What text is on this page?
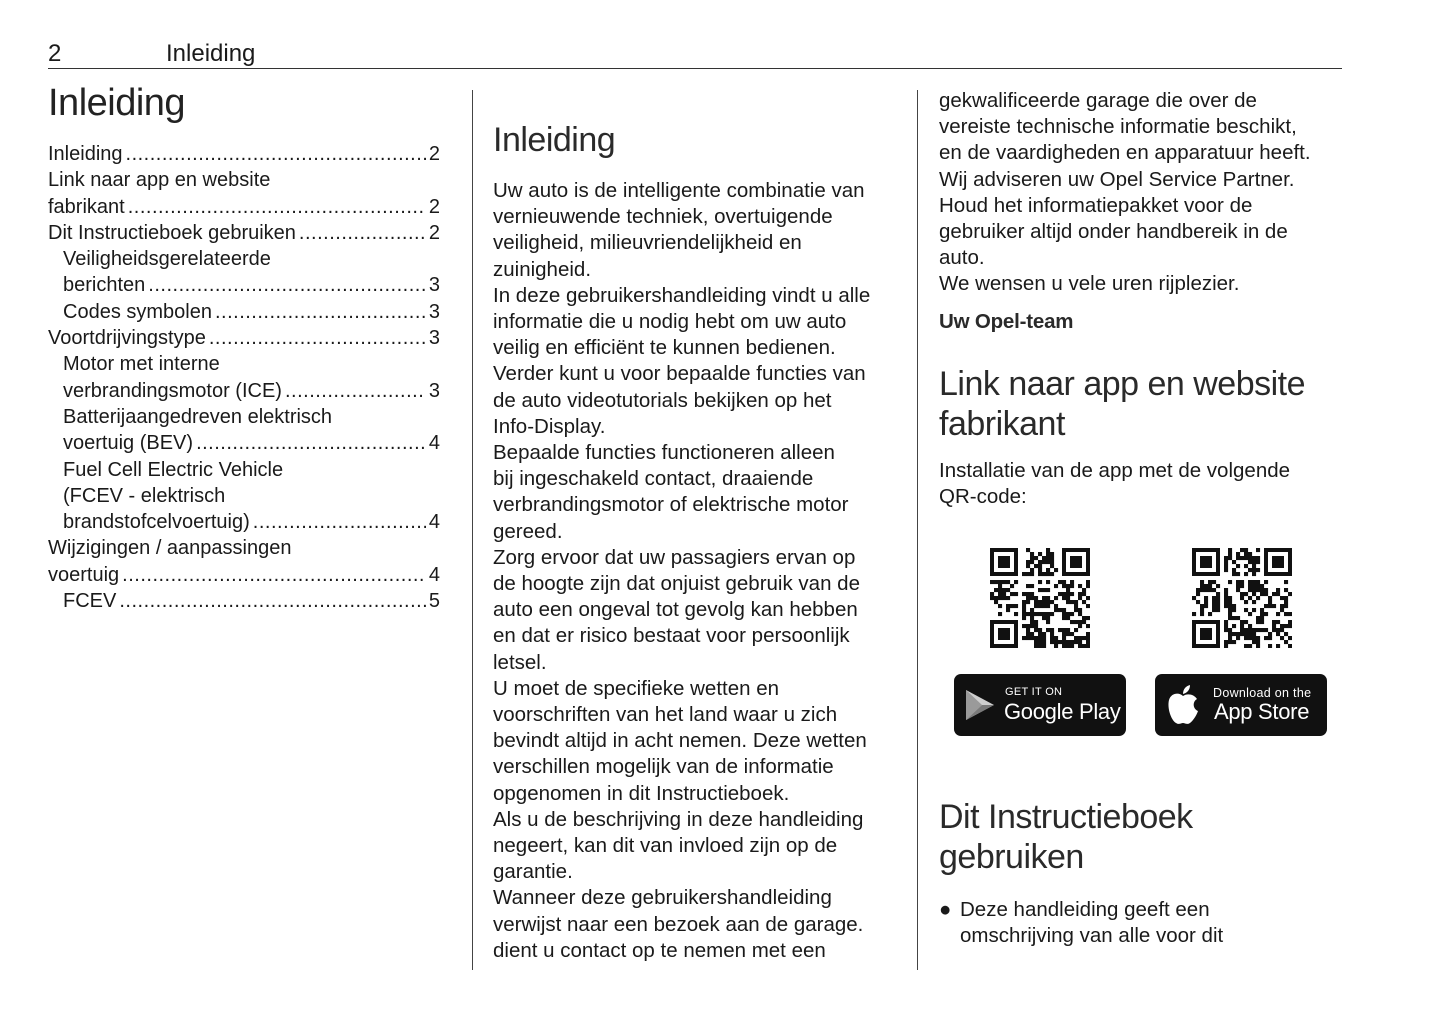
2	Inleiding
Inleiding
Inleiding .....	2
Link naar app en website
fabrikant .....	2
Dit Instructieboek gebruiken .....	2
Veiligheidsgerelateerde
berichten .....	3
Codes symbolen .....	3
Voortdrijvingstype .....	3
Motor met interne
verbrandingsmotor (ICE) .....	3
Batterijaangedreven elektrisch
voertuig (BEV) .....	4
Fuel Cell Electric Vehicle
(FCEV - elektrisch
brandstofcelvoertuig) .....	4
Wijzigingen / aanpassingen
voertuig .....	4
FCEV .....	5
Inleiding
Uw auto is de intelligente combinatie van
vernieuwende techniek, overtuigende
veiligheid, milieuvriendelijkheid en
zuinigheid.
In deze gebruikershandleiding vindt u alle
informatie die u nodig hebt om uw auto
veilig en efficiënt te kunnen bedienen.
Verder kunt u voor bepaalde functies van
de auto videotutorials bekijken op het
Info-Display.
Bepaalde functies functioneren alleen
bij ingeschakeld contact, draaiende
verbrandingsmotor of elektrische motor
gereed.
Zorg ervoor dat uw passagiers ervan op
de hoogte zijn dat onjuist gebruik van de
auto een ongeval tot gevolg kan hebben
en dat er risico bestaat voor persoonlijk
letsel.
U moet de specifieke wetten en
voorschriften van het land waar u zich
bevindt altijd in acht nemen. Deze wetten
verschillen mogelijk van de informatie
opgenomen in dit Instructieboek.
Als u de beschrijving in deze handleiding
negeert, kan dit van invloed zijn op de
garantie.
Wanneer deze gebruikershandleiding
verwijst naar een bezoek aan de garage.
dient u contact op te nemen met een
gekwalificeerde garage die over de
vereiste technische informatie beschikt,
en de vaardigheden en apparatuur heeft.
Wij adviseren uw Opel Service Partner.
Houd het informatiepakket voor de
gebruiker altijd onder handbereik in de
auto.
We wensen u vele uren rijplezier.
Uw Opel-team
Link naar app en website
fabrikant
Installatie van de app met de volgende
QR-code:
GET IT ON
Google Play
Download on the
App Store
Dit Instructieboek
gebruiken
● Deze handleiding geeft een
omschrijving van alle voor dit
